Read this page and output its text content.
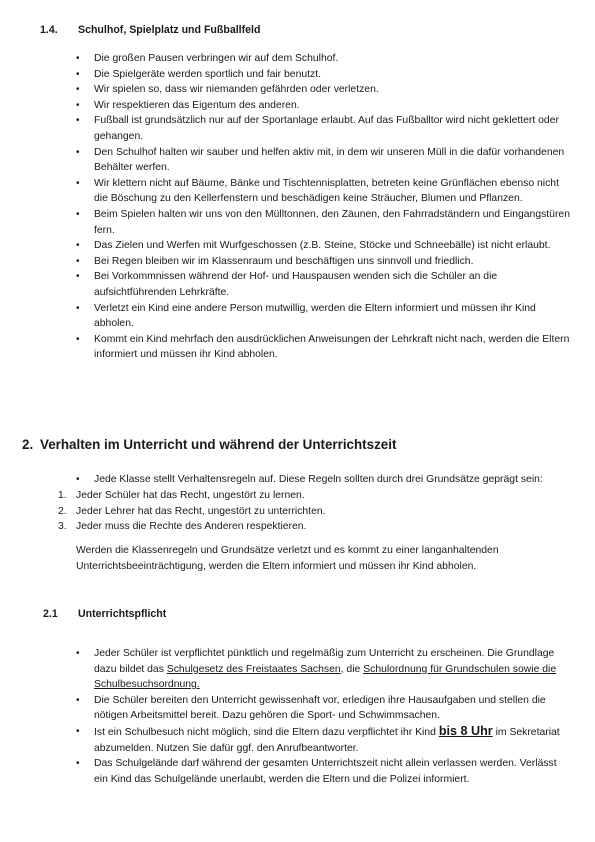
1.4. Schulhof, Spielplatz und Fußballfeld
• Die großen Pausen verbringen wir auf dem Schulhof.
• Die Spielgeräte werden sportlich und fair benutzt.
• Wir spielen so, dass wir niemanden gefährden oder verletzen.
• Wir respektieren das Eigentum des anderen.
• Fußball ist grundsätzlich nur auf der Sportanlage erlaubt. Auf das Fußballtor wird nicht geklettert oder gehangen.
• Den Schulhof halten wir sauber und helfen aktiv mit, in dem wir unseren Müll in die dafür vorhandenen Behälter werfen.
• Wir klettern nicht auf Bäume, Bänke und Tischtennisplatten, betreten keine Grünflächen ebenso nicht die Böschung zu den Kellerfenstern und beschädigen keine Sträucher, Blumen und Pflanzen.
• Beim Spielen halten wir uns von den Mülltonnen, den Zäunen, den Fahrradständern und Eingangstüren fern.
• Das Zielen und Werfen mit Wurfgeschossen (z.B. Steine, Stöcke und Schneebälle) ist nicht erlaubt.
• Bei Regen bleiben wir im Klassenraum und beschäftigen uns sinnvoll und friedlich.
• Bei Vorkommnissen während der Hof- und Hauspausen wenden sich die Schüler an die aufsichtführenden Lehrkräfte.
• Verletzt ein Kind eine andere Person mutwillig, werden die Eltern informiert und müssen ihr Kind abholen.
• Kommt ein Kind mehrfach den ausdrücklichen Anweisungen der Lehrkraft nicht nach, werden die Eltern informiert und müssen ihr Kind abholen.
2. Verhalten im Unterricht und während der Unterrichtszeit
• Jede Klasse stellt Verhaltensregeln auf. Diese Regeln sollten durch drei Grundsätze geprägt sein:
1. Jeder Schüler hat das Recht, ungestört zu lernen.
2. Jeder Lehrer hat das Recht, ungestört zu unterrichten.
3. Jeder muss die Rechte des Anderen respektieren.

Werden die Klassenregeln und Grundsätze verletzt und es kommt zu einer langanhaltenden Unterrichtsbeeinträchtigung, werden die Eltern informiert und müssen ihr Kind abholen.

2.1 Unterrichtspflicht
• Jeder Schüler ist verpflichtet pünktlich und regelmäßig zum Unterricht zu erscheinen. Die Grundlage dazu bildet das Schulgesetz des Freistaates Sachsen, die Schulordnung für Grundschulen sowie die Schulbesuchsordnung.
• Die Schüler bereiten den Unterricht gewissenhaft vor, erledigen ihre Hausaufgaben und stellen die nötigen Arbeitsmittel bereit. Dazu gehören die Sport- und Schwimmsachen.
• Ist ein Schulbesuch nicht möglich, sind die Eltern dazu verpflichtet ihr Kind bis 8 Uhr im Sekretariat abzumelden. Nutzen Sie dafür ggf. den Anrufbeantworter.
• Das Schulgelände darf während der gesamten Unterrichtszeit nicht allein verlassen werden. Verlässt ein Kind das Schulgelände unerlaubt, werden die Eltern und die Polizei informiert.
